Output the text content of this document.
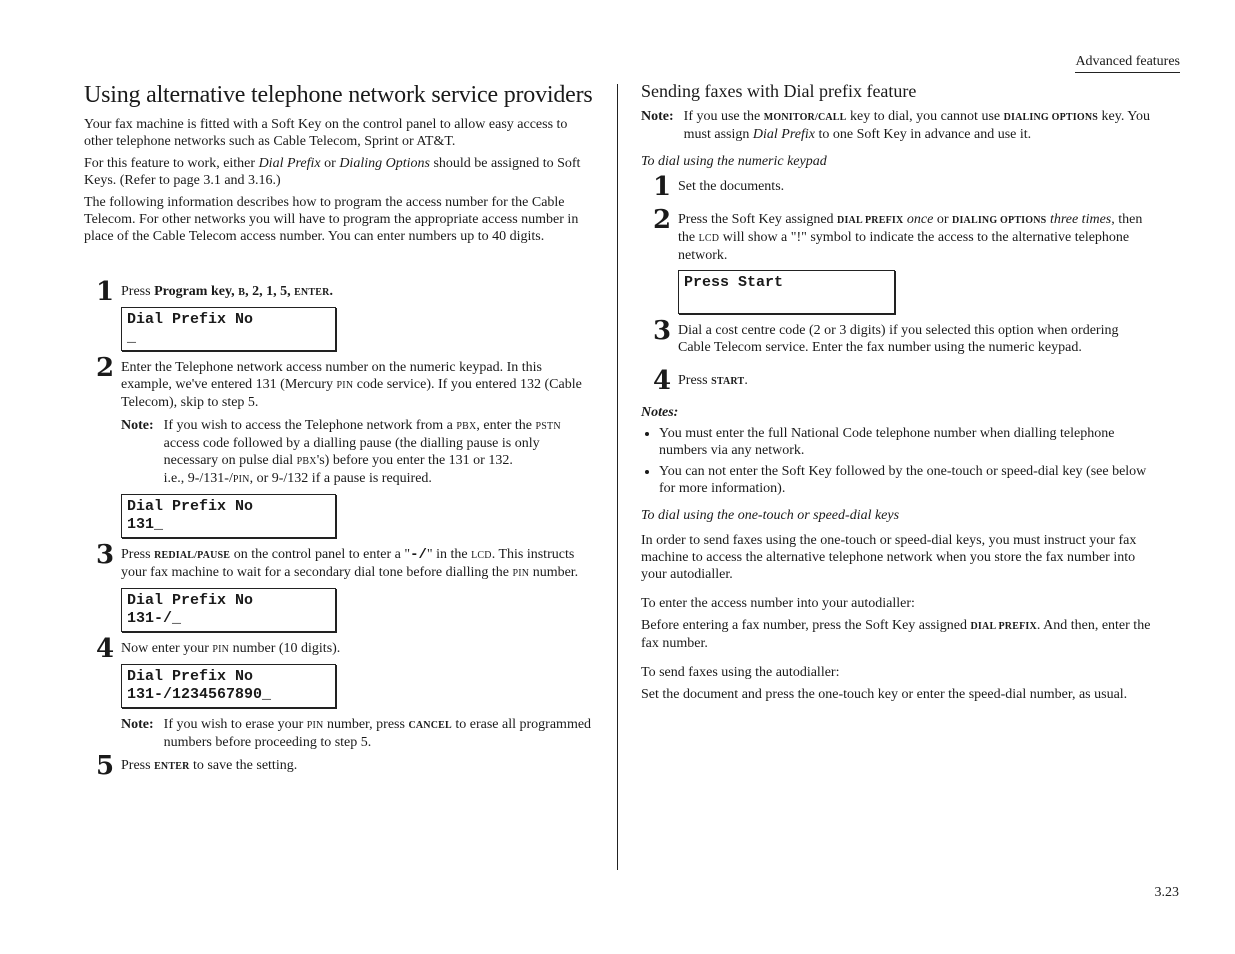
Advanced features
3.23
Using alternative telephone network service providers

Your fax machine is fitted with a Soft Key on the control panel to allow easy access to other telephone networks such as Cable Telecom, Sprint or AT&T.

For this feature to work, either Dial Prefix or Dialing Options should be assigned to Soft Keys. (Refer to page 3.1 and 3.16.)

The following information describes how to program the access number for the Cable Telecom. For other networks you will have to program the appropriate access number in place of the Cable Telecom access number. You can enter numbers up to 40 digits.

1 Press Program key, B, 2, 1, 5, ENTER.
Dial Prefix No
_
2 Enter the Telephone network access number on the numeric keypad. In this example, we've entered 131 (Mercury PIN code service). If you entered 132 (Cable Telecom), skip to step 5.
Note: If you wish to access the Telephone network from a PBX, enter the PSTN access code followed by a dialling pause (the dialling pause is only necessary on pulse dial PBX's) before you enter the 131 or 132.
i.e., 9-/131-/PIN, or 9-/132 if a pause is required.
Dial Prefix No
131_
3 Press REDIAL/PAUSE on the control panel to enter a "-/" in the LCD. This instructs your fax machine to wait for a secondary dial tone before dialling the PIN number.
Dial Prefix No
131-/_
4 Now enter your PIN number (10 digits).
Dial Prefix No
131-/1234567890_
Note: If you wish to erase your PIN number, press CANCEL to erase all programmed numbers before proceeding to step 5.
5 Press ENTER to save the setting.
Sending faxes with Dial prefix feature
Note: If you use the MONITOR/CALL key to dial, you cannot use DIALING OPTIONS key. You must assign Dial Prefix to one Soft Key in advance and use it.
To dial using the numeric keypad
1 Set the documents.
2 Press the Soft Key assigned DIAL PREFIX once or DIALING OPTIONS three times, then the LCD will show a "!" symbol to indicate the access to the alternative telephone network.
Press Start
3 Dial a cost centre code (2 or 3 digits) if you selected this option when ordering Cable Telecom service. Enter the fax number using the numeric keypad.
4 Press START.
Notes:
• You must enter the full National Code telephone number when dialling telephone numbers via any network.
• You can not enter the Soft Key followed by the one-touch or speed-dial key (see below for more information).
To dial using the one-touch or speed-dial keys

In order to send faxes using the one-touch or speed-dial keys, you must instruct your fax machine to access the alternative telephone network when you store the fax number into your autodialler.

To enter the access number into your autodialler:

Before entering a fax number, press the Soft Key assigned DIAL PREFIX. And then, enter the fax number.

To send faxes using the autodialler:

Set the document and press the one-touch key or enter the speed-dial number, as usual.
